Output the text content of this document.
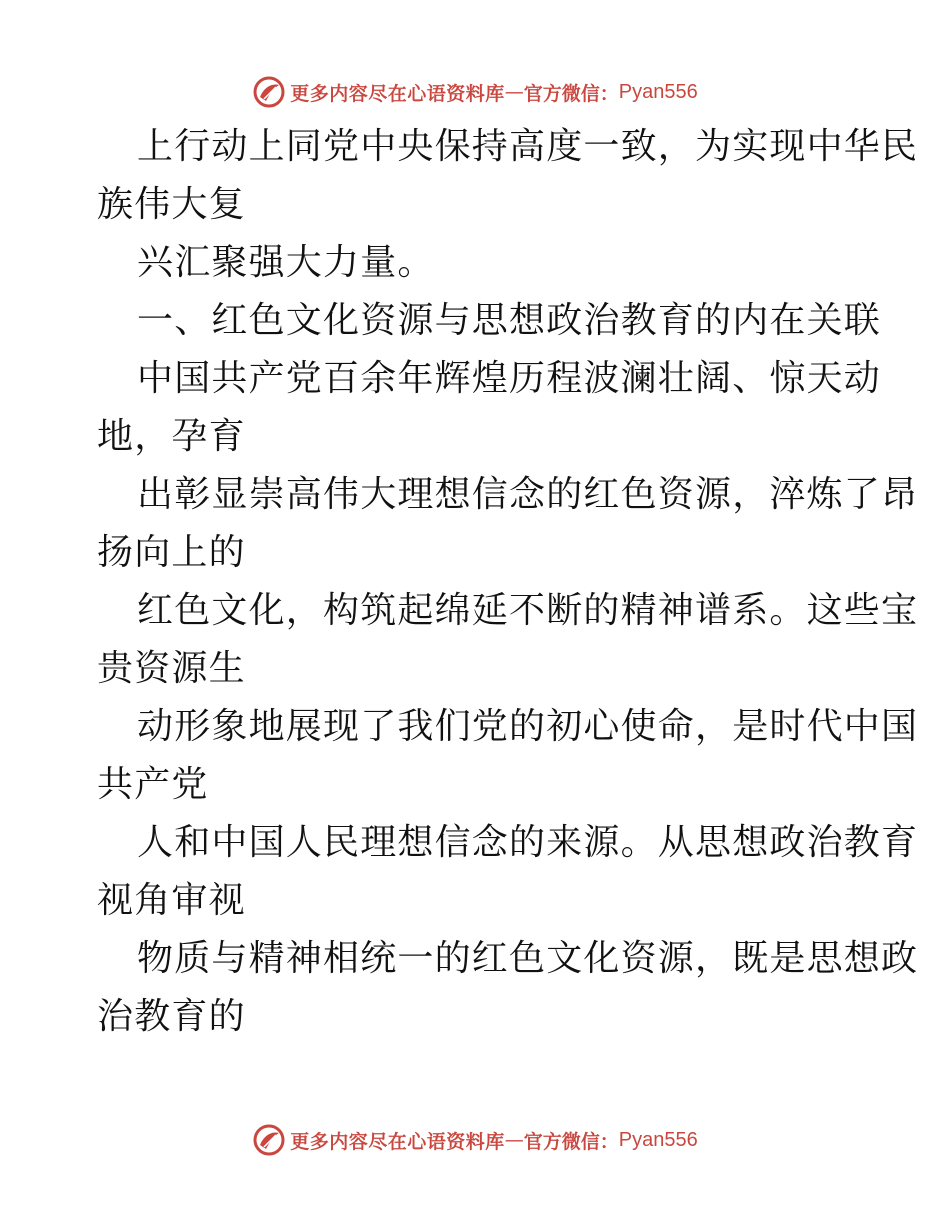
更多内容尽在心语资料库 — 官方微信： Pyan556
上行动上同党中央保持高度一致，为实现中华民
族伟大复
兴汇聚强大力量。
一、红色文化资源与思想政治教育的内在关联
中国共产党百余年辉煌历程波澜壮阔、惊天动
地，孕育
出彰显崇高伟大理想信念的红色资源，淬炼了昂
扬向上的
红色文化，构筑起绵延不断的精神谱系。这些宝
贵资源生
动形象地展现了我们党的初心使命，是时代中国
共产党
人和中国人民理想信念的来源。从思想政治教育
视角审视
物质与精神相统一的红色文化资源，既是思想政
治教育的
更多内容尽在心语资料库 — 官方微信： Pyan556
